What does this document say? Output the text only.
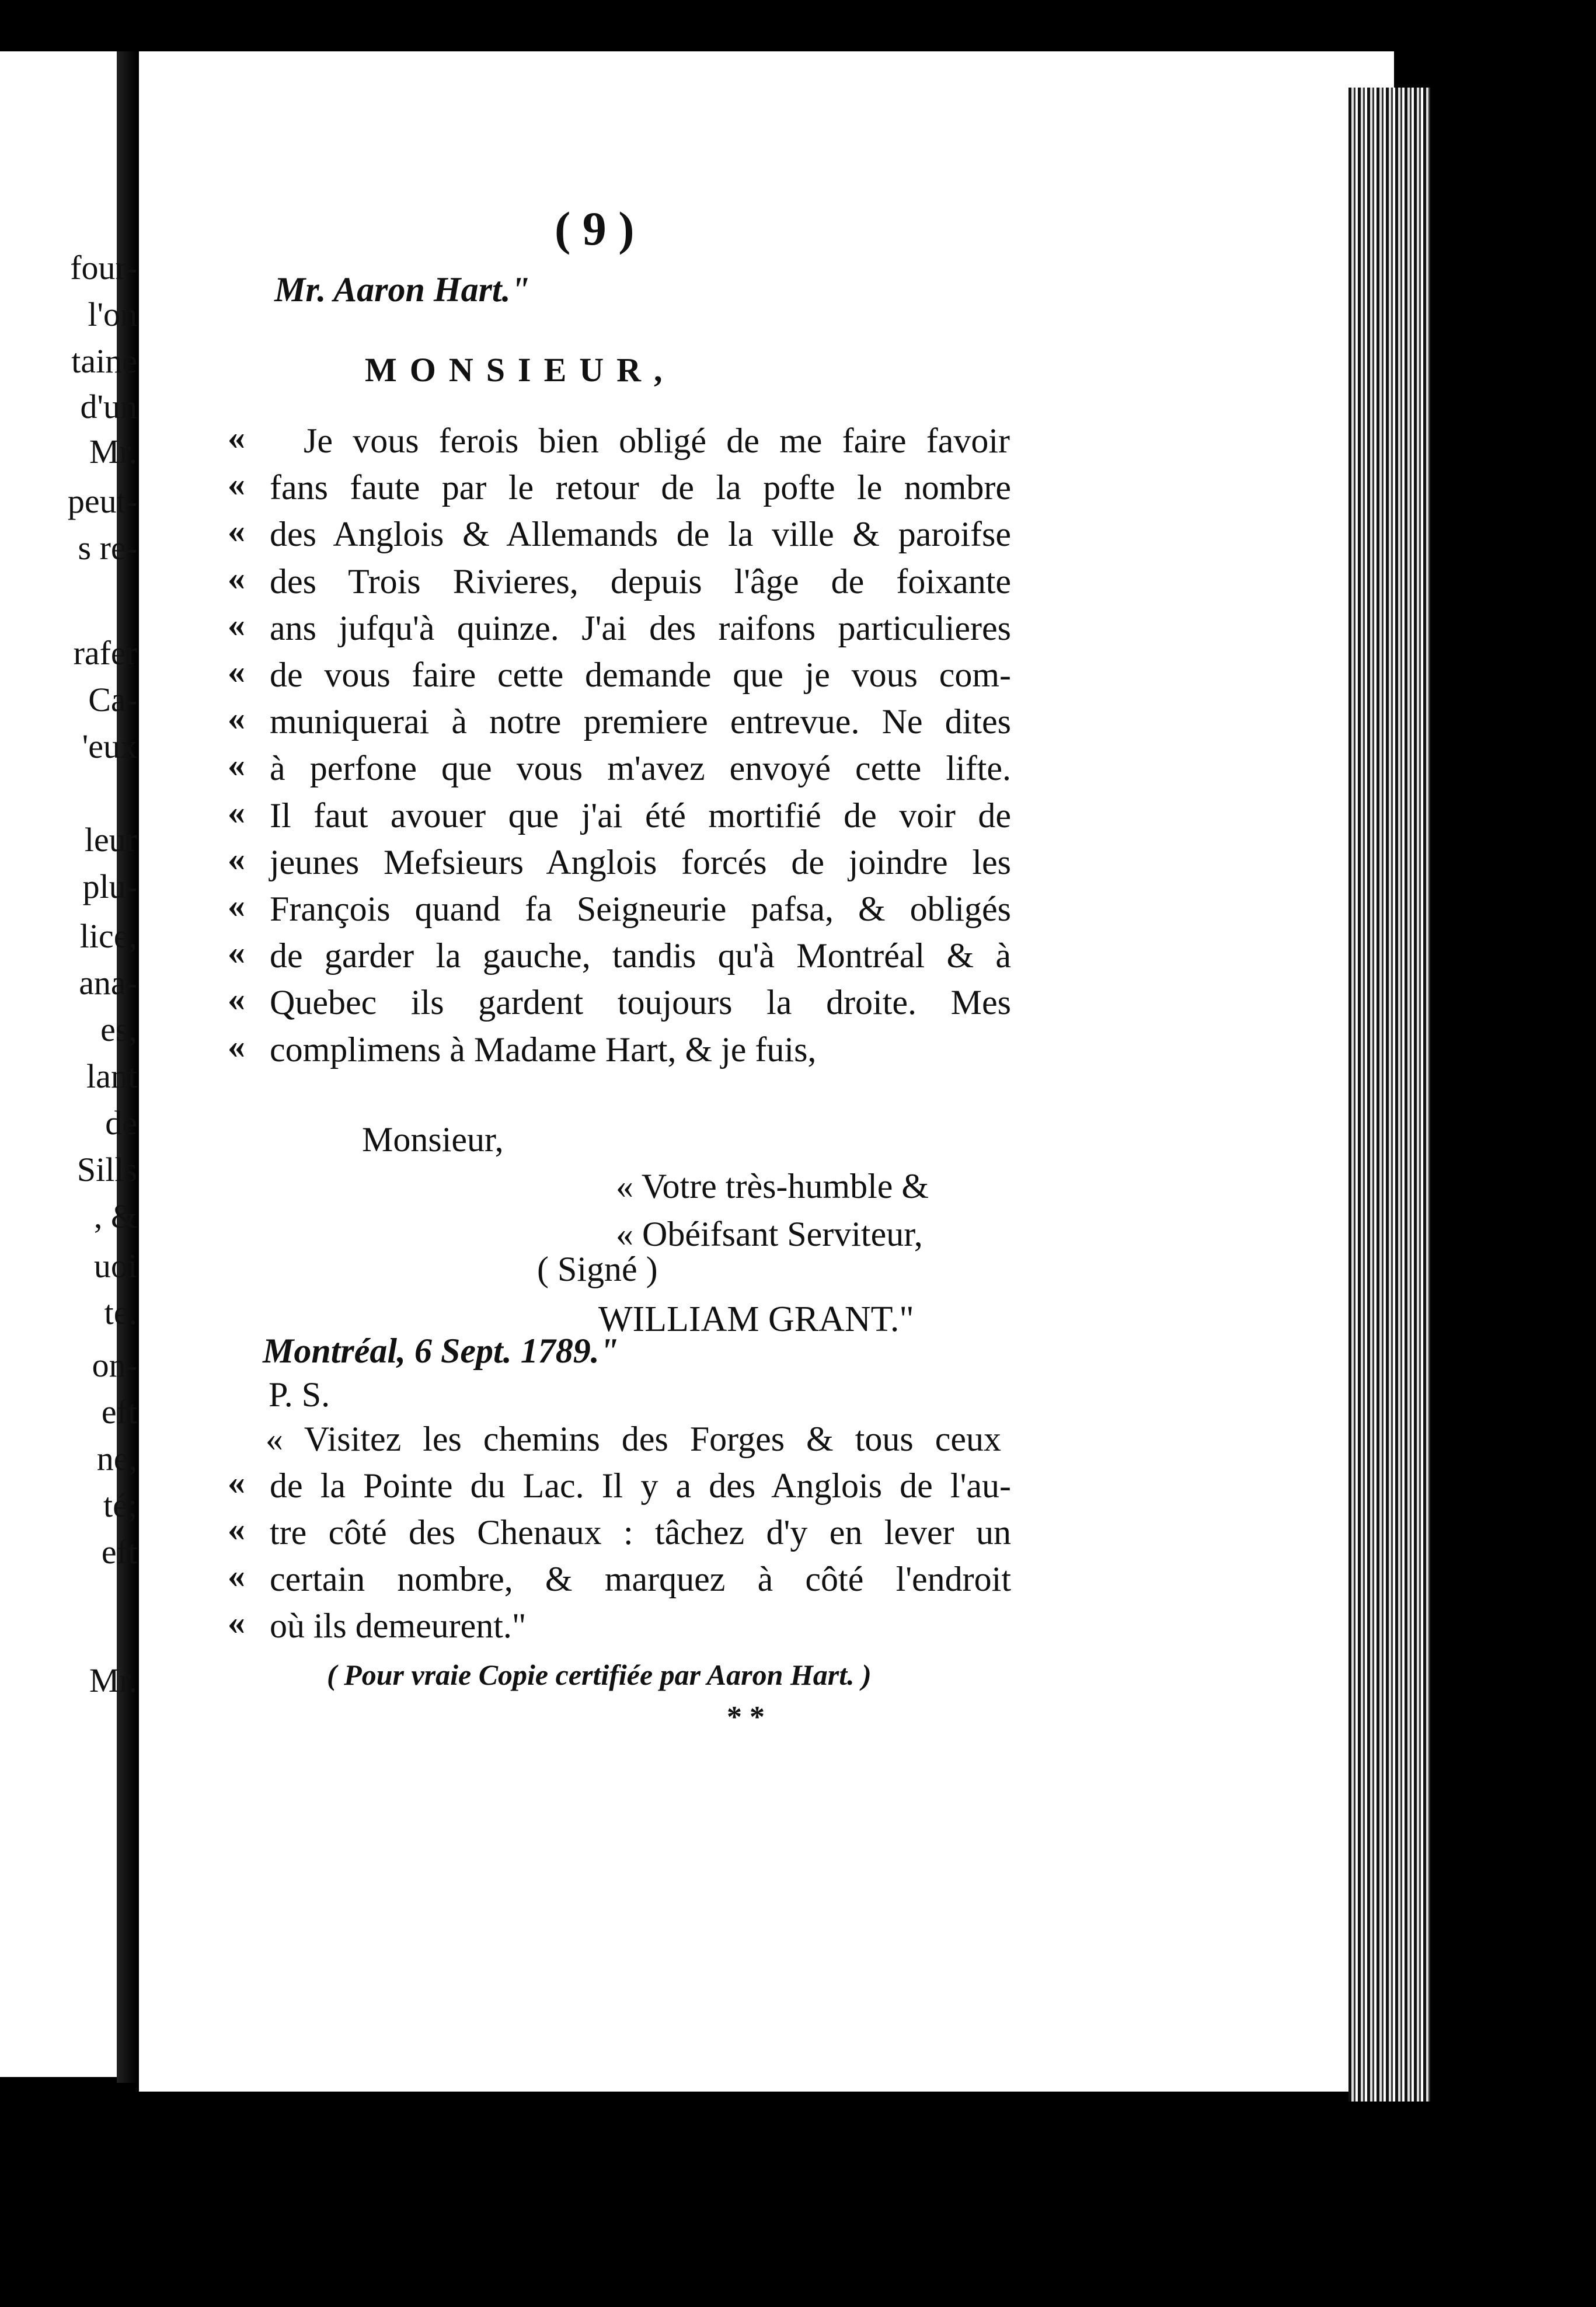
four-
l'on
taine
d'un
Mr.
peut-
s re-
rafer
Ca-
'eux
leur
plu-
lice,
ana-
es,
lant
de
Sills
, &
uoi
te.
on-
eft
ne,
té;
eft
Mr.
( 9 )
Mr. Aaron Hart."
MONSIEUR,
« Je vous ferois bien obligé de me faire favoir
« fans faute par le retour de la pofte le nombre
« des Anglois & Allemands de la ville & paroifse
« des Trois Rivieres, depuis l'âge de foixante
« ans jufqu'à quinze. J'ai des raifons particulieres
« de vous faire cette demande que je vous com-
« muniquerai à notre premiere entrevue. Ne dites
« à perfone que vous m'avez envoyé cette lifte.
« Il faut avouer que j'ai été mortifié de voir de
« jeunes Mefsieurs Anglois forcés de joindre les
« François quand fa Seigneurie pafsa, & obligés
« de garder la gauche, tandis qu'à Montréal & à
« Quebec ils gardent toujours la droite. Mes
« complimens à Madame Hart, & je fuis,
Monsieur,
« Votre très-humble &
« Obéifsant Serviteur,
( Signé )
WILLIAM GRANT."
Montréal, 6 Sept. 1789."
P. S.
« Visitez les chemins des Forges & tous ceux
« de la Pointe du Lac. Il y a des Anglois de l'au-
« tre côté des Chenaux : tâchez d'y en lever un
« certain nombre, & marquez à côté l'endroit
« où ils demeurent."
( Pour vraie Copie certifiée par Aaron Hart. )
* *
